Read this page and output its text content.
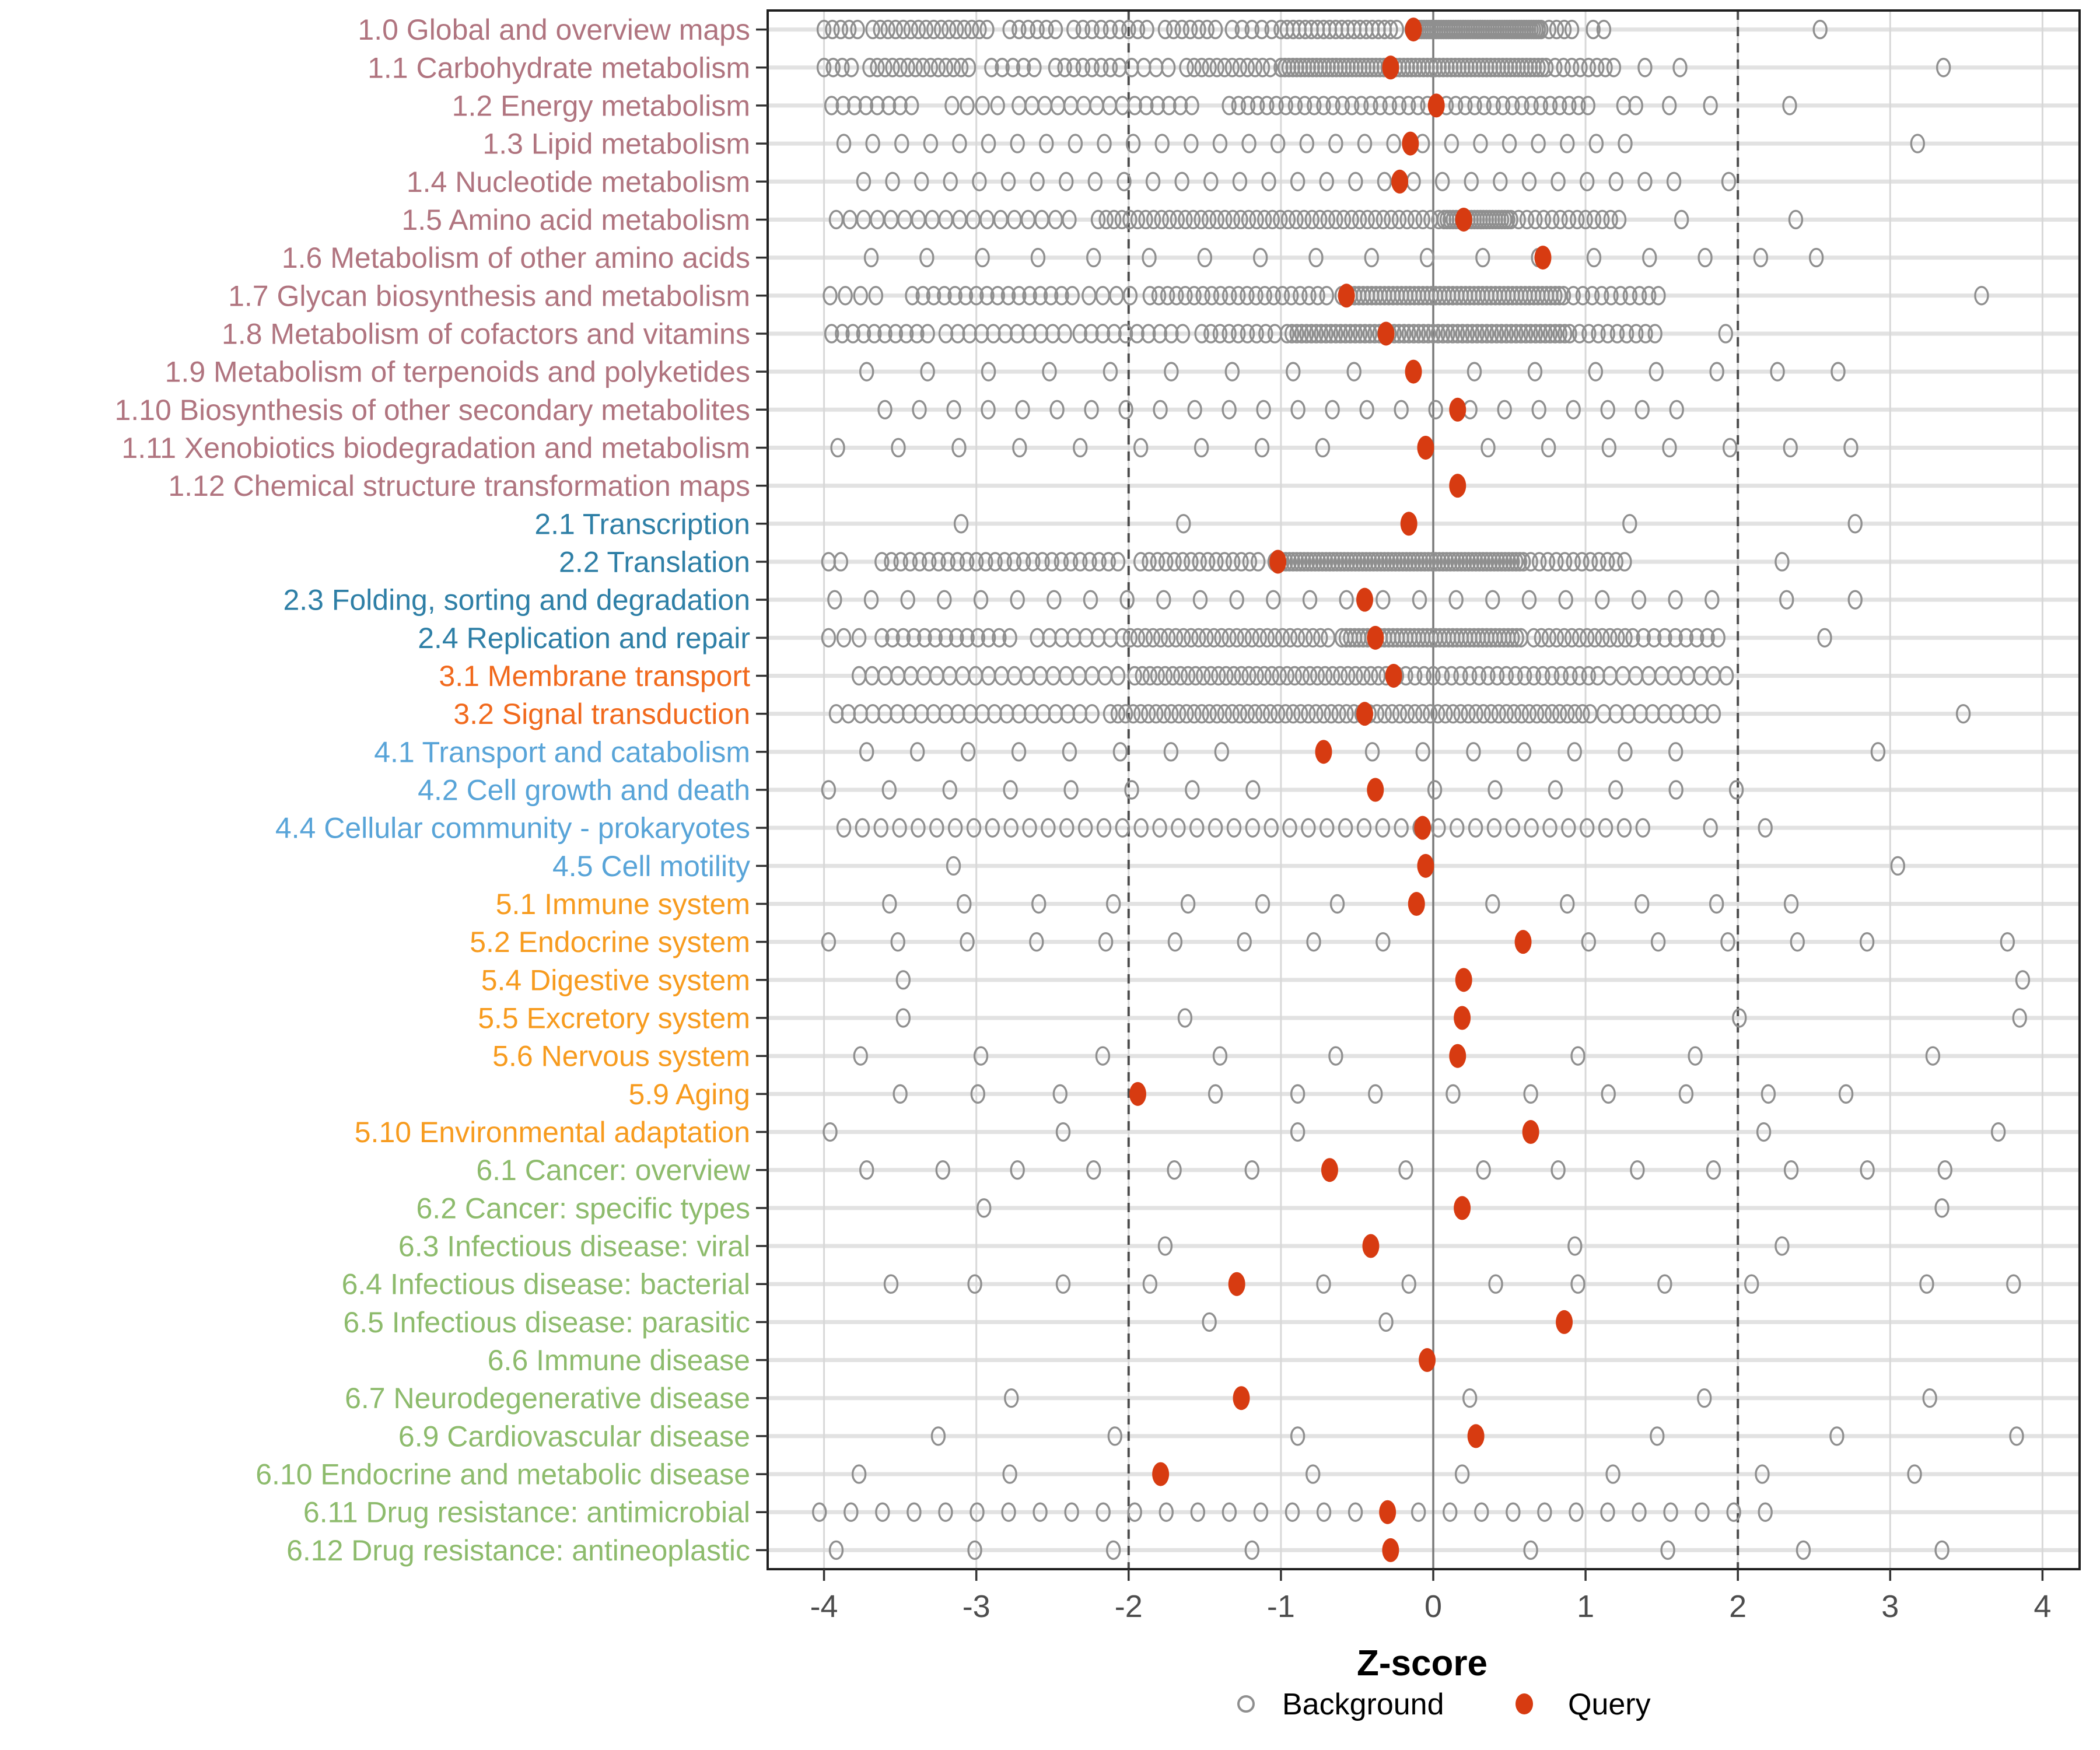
1.0 Global and overview maps
1.1 Carbohydrate metabolism
1.2 Energy metabolism
1.3 Lipid metabolism
1.4 Nucleotide metabolism
1.5 Amino acid metabolism
1.6 Metabolism of other amino acids
1.7 Glycan biosynthesis and metabolism
1.8 Metabolism of cofactors and vitamins
1.9 Metabolism of terpenoids and polyketides
1.10 Biosynthesis of other secondary metabolites
1.11 Xenobiotics biodegradation and metabolism
1.12 Chemical structure transformation maps
2.1 Transcription
2.2 Translation
2.3 Folding, sorting and degradation
2.4 Replication and repair
3.1 Membrane transport
3.2 Signal transduction
4.1 Transport and catabolism
4.2 Cell growth and death
4.4 Cellular community - prokaryotes
4.5 Cell motility
5.1 Immune system
5.2 Endocrine system
5.4 Digestive system
5.5 Excretory system
5.6 Nervous system
5.9 Aging
5.10 Environmental adaptation
6.1 Cancer: overview
6.2 Cancer: specific types
6.3 Infectious disease: viral
6.4 Infectious disease: bacterial
6.5 Infectious disease: parasitic
6.6 Immune disease
6.7 Neurodegenerative disease
6.9 Cardiovascular disease
6.10 Endocrine and metabolic disease
6.11 Drug resistance: antimicrobial
6.12 Drug resistance: antineoplastic
-4	-3	-2	-1	0	1	2	3	4
Z-score
Background	Query
